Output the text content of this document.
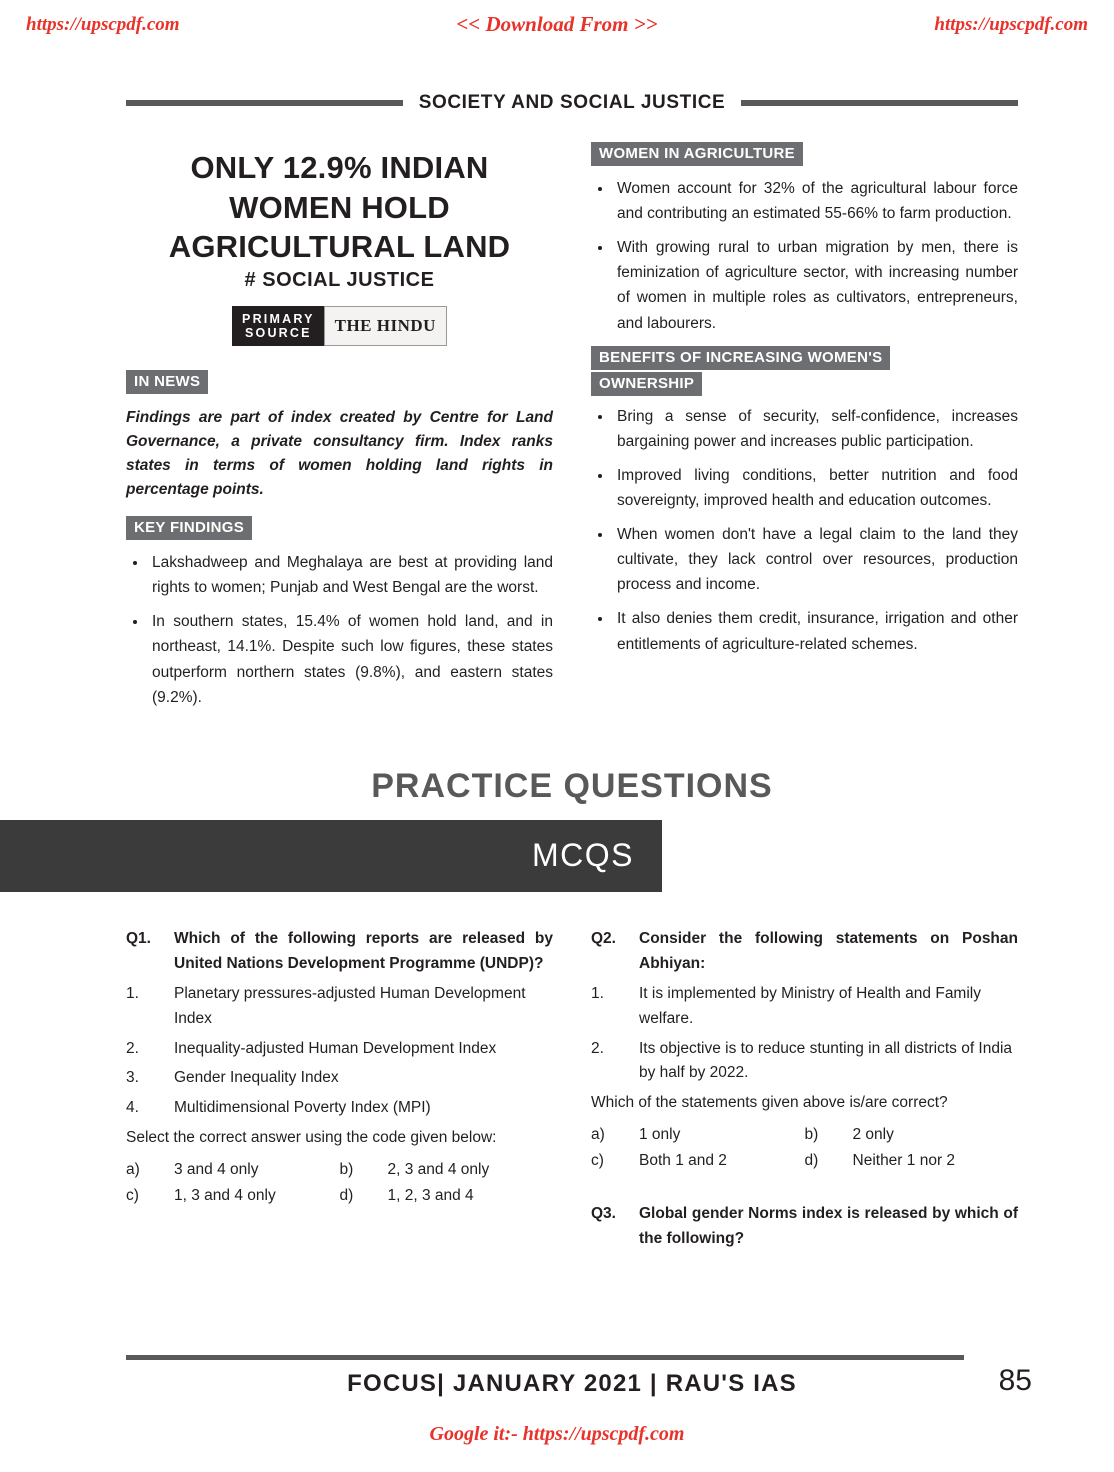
https://upscpdf.com	<< Download From >>	https://upscpdf.com
SOCIETY AND SOCIAL JUSTICE
ONLY 12.9% INDIAN WOMEN HOLD AGRICULTURAL LAND
# SOCIAL JUSTICE
PRIMARY
SOURCE	THE HINDU
IN NEWS
Findings are part of index created by Centre for Land Governance, a private consultancy firm. Index ranks states in terms of women holding land rights in percentage points.
KEY FINDINGS
• Lakshadweep and Meghalaya are best at providing land rights to women; Punjab and West Bengal are the worst.
• In southern states, 15.4% of women hold land, and in northeast, 14.1%. Despite such low figures, these states outperform northern states (9.8%), and eastern states (9.2%).
WOMEN IN AGRICULTURE
• Women account for 32% of the agricultural labour force and contributing an estimated 55-66% to farm production.
• With growing rural to urban migration by men, there is feminization of agriculture sector, with increasing number of women in multiple roles as cultivators, entrepreneurs, and labourers.
BENEFITS OF INCREASING WOMEN'S
OWNERSHIP
• Bring a sense of security, self-confidence, increases bargaining power and increases public participation.
• Improved living conditions, better nutrition and food sovereignty, improved health and education outcomes.
• When women don't have a legal claim to the land they cultivate, they lack control over resources, production process and income.
• It also denies them credit, insurance, irrigation and other entitlements of agriculture-related schemes.
PRACTICE QUESTIONS
MCQS
Q1.	Which of the following reports are released by United Nations Development Programme (UNDP)?
1.	Planetary pressures-adjusted Human Development Index
2.	Inequality-adjusted Human Development Index
3.	Gender Inequality Index
4.	Multidimensional Poverty Index (MPI)
Select the correct answer using the code given below:
a)	3 and 4 only	b)	2, 3 and 4 only
c)	1, 3 and 4 only	d)	1, 2, 3 and 4
Q2.	Consider the following statements on Poshan Abhiyan:
1.	It is implemented by Ministry of Health and Family welfare.
2.	Its objective is to reduce stunting in all districts of India by half by 2022.
Which of the statements given above is/are correct?
a)	1 only	b)	2 only
c)	Both 1 and 2	d)	Neither 1 nor 2
Q3.	Global gender Norms index is released by which of the following?
FOCUS| JANUARY 2021 | RAU'S IAS	85
Google it:- https://upscpdf.com
